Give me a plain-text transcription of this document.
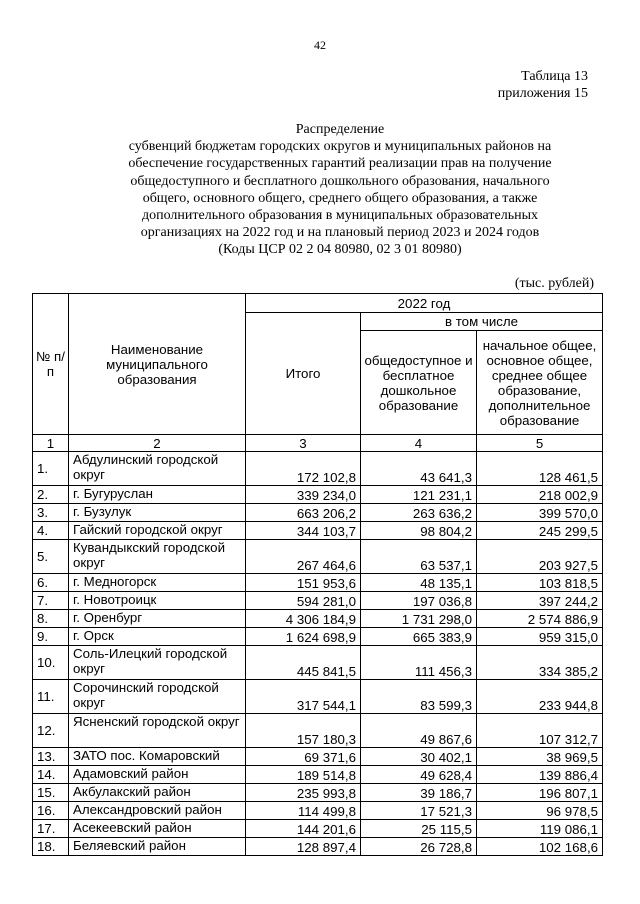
42
Таблица 13
приложения 15
Распределение
субвенций бюджетам городских округов и муниципальных районов на
обеспечение государственных гарантий реализации прав на получение
общедоступного и бесплатного дошкольного образования, начального
общего, основного общего, среднего общего образования, а также
дополнительного образования в муниципальных образовательных
организациях на 2022 год и на плановый период 2023 и 2024 годов
(Коды ЦСР 02 2 04 80980, 02 3 01 80980)
(тыс. рублей)
№ п/п	Наименование муниципального образования	2022 год		
		Итого	в том числе	
			общедоступное и бесплатное дошкольное образование	начальное общее, основное общее, среднее общее образование, дополнительное образование
1	2	3	4	5
1.	Абдулинский городской округ	172 102,8	43 641,3	128 461,5
2.	г. Бугуруслан	339 234,0	121 231,1	218 002,9
3.	г. Бузулук	663 206,2	263 636,2	399 570,0
4.	Гайский городской округ	344 103,7	98 804,2	245 299,5
5.	Кувандыкский городской округ	267 464,6	63 537,1	203 927,5
6.	г. Медногорск	151 953,6	48 135,1	103 818,5
7.	г. Новотроицк	594 281,0	197 036,8	397 244,2
8.	г. Оренбург	4 306 184,9	1 731 298,0	2 574 886,9
9.	г. Орск	1 624 698,9	665 383,9	959 315,0
10.	Соль-Илецкий городской округ	445 841,5	111 456,3	334 385,2
11.	Сорочинский городской округ	317 544,1	83 599,3	233 944,8
12.	Ясненский городской округ	157 180,3	49 867,6	107 312,7
13.	ЗАТО пос. Комаровский	69 371,6	30 402,1	38 969,5
14.	Адамовский район	189 514,8	49 628,4	139 886,4
15.	Акбулакский район	235 993,8	39 186,7	196 807,1
16.	Александровский район	114 499,8	17 521,3	96 978,5
17.	Асекеевский район	144 201,6	25 115,5	119 086,1
18.	Беляевский район	128 897,4	26 728,8	102 168,6
